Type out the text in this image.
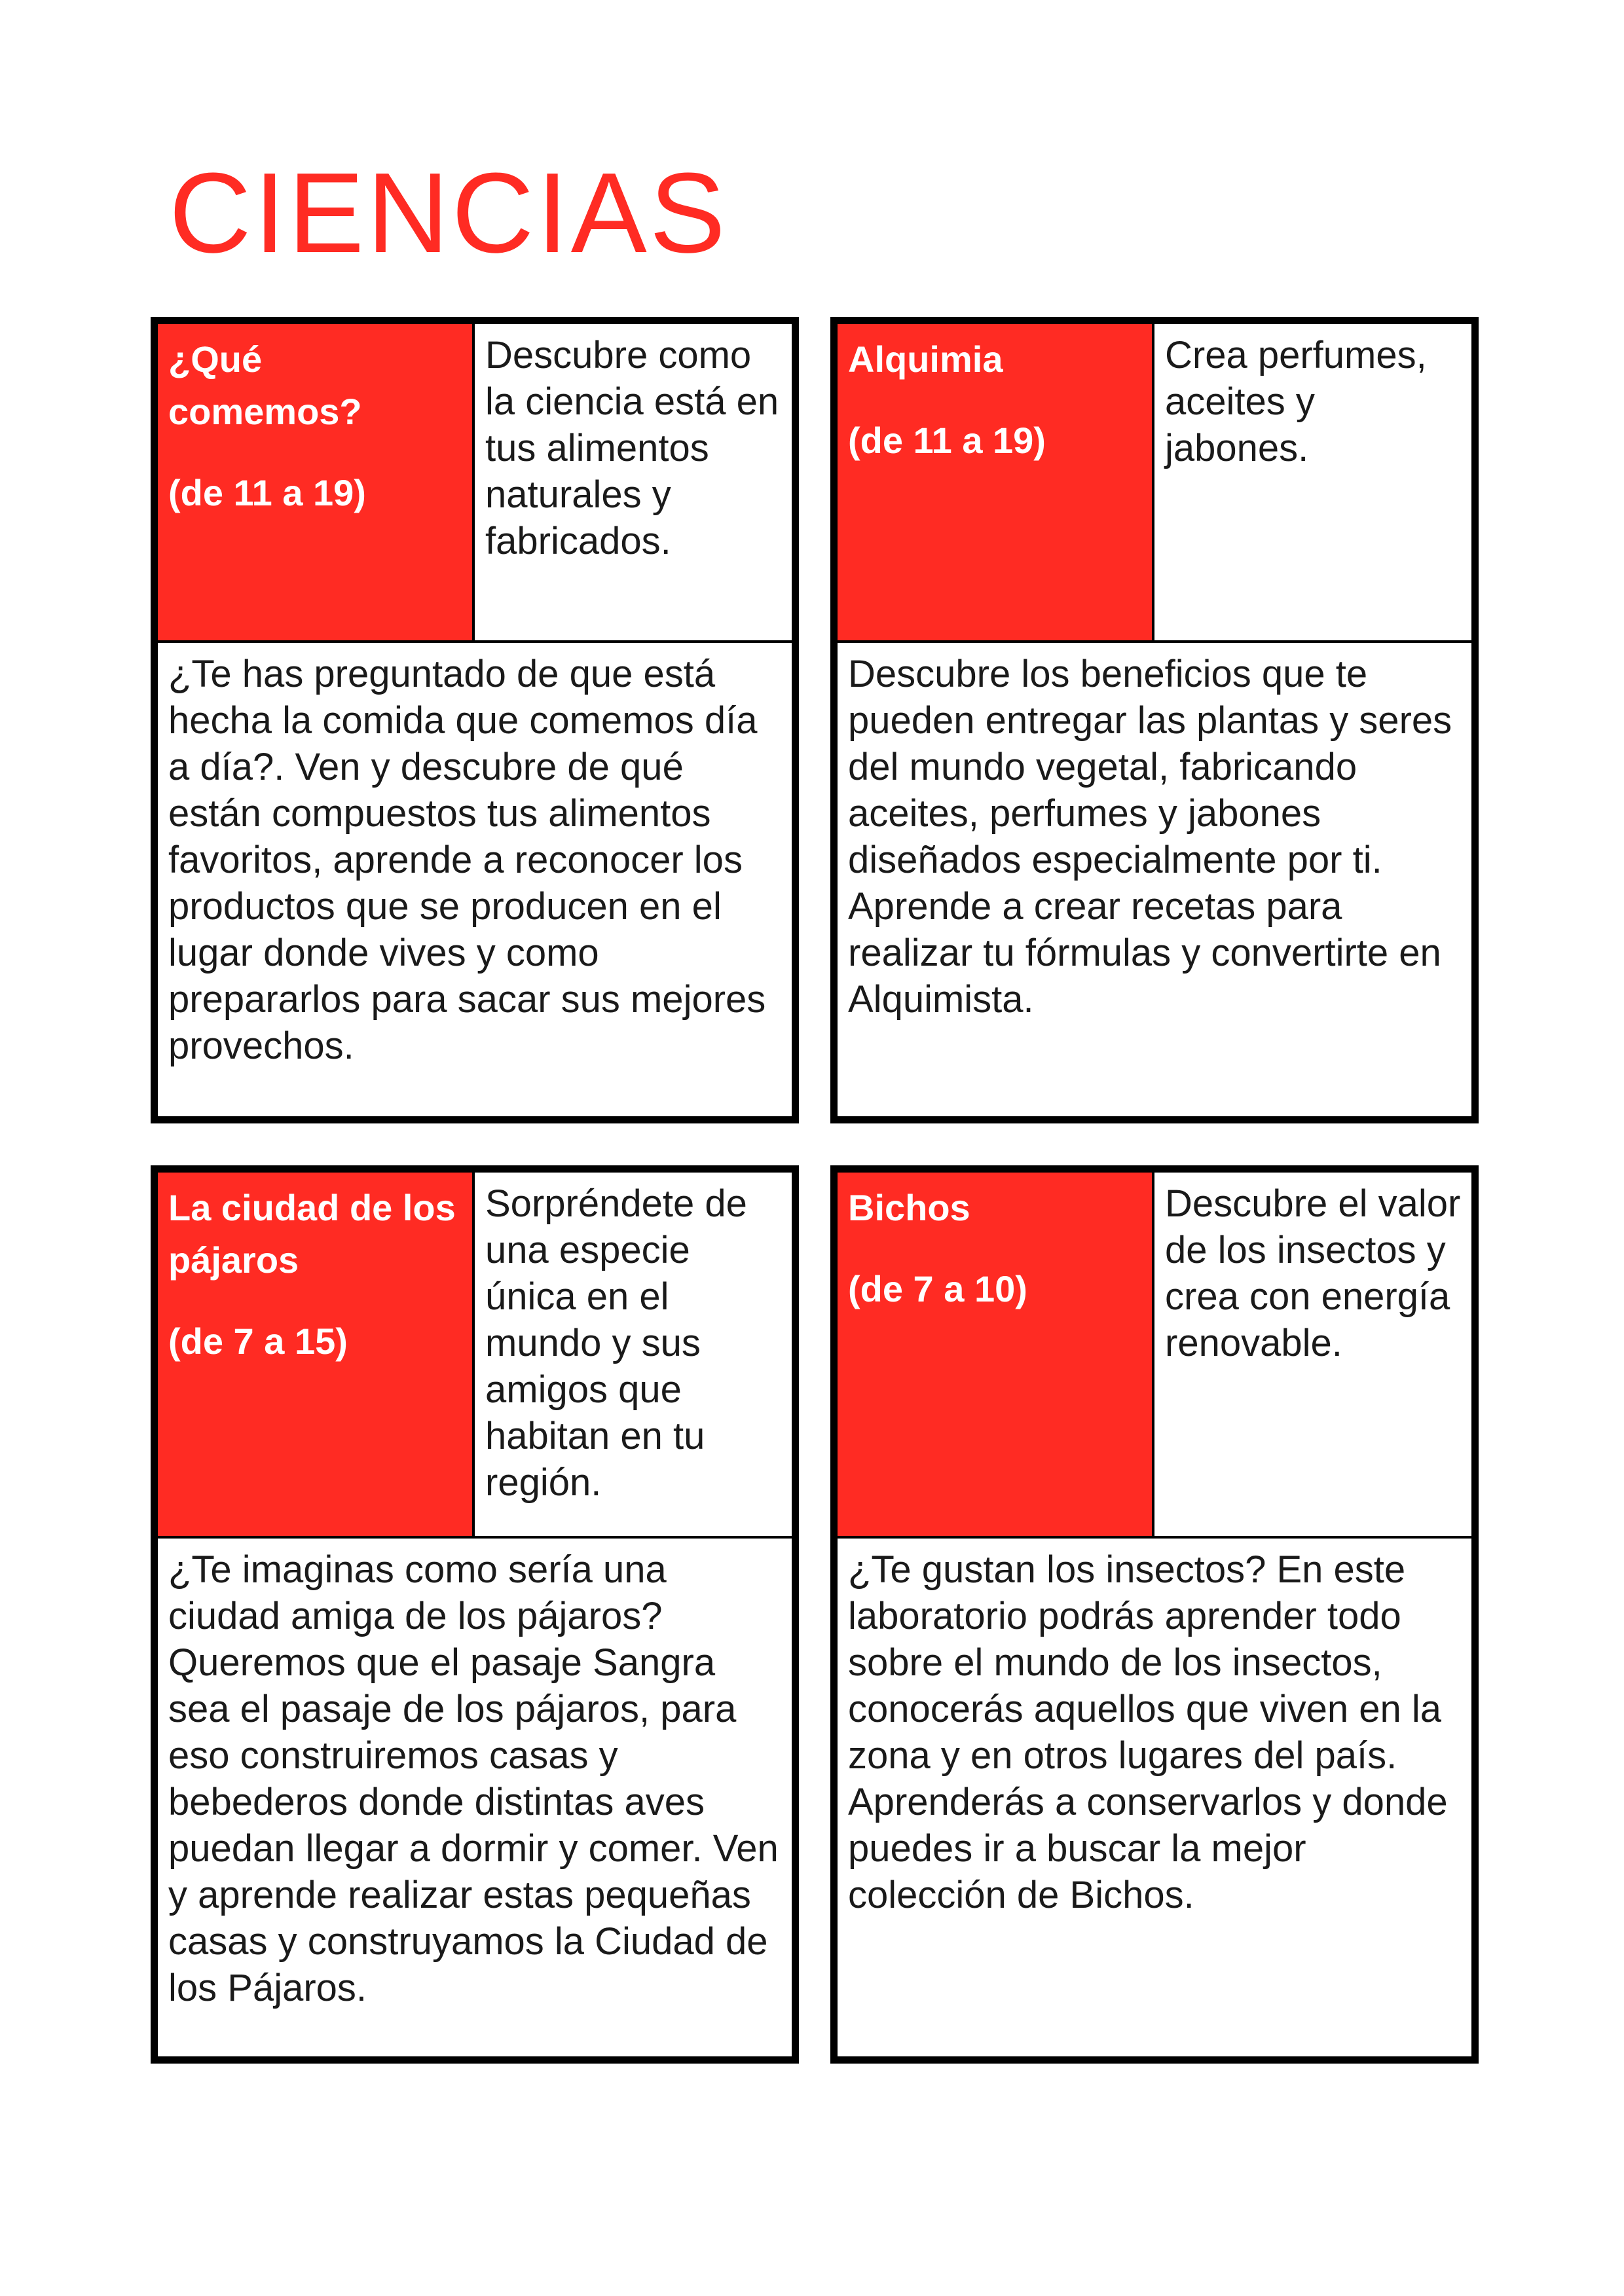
CIENCIAS

¿Qué comemos?

(de 11 a 19)

Descubre como la ciencia está en tus alimentos naturales y fabricados.

¿Te has preguntado de que está hecha la comida que comemos día a día?. Ven y descubre de qué están compuestos tus alimentos favoritos, aprende a reconocer los productos que se producen en el lugar donde vives y como prepararlos para sacar sus mejores provechos.

Alquimia

(de 11 a 19)

Crea perfumes, aceites y jabones.

Descubre los beneficios que te pueden entregar las plantas y seres del mundo vegetal, fabricando aceites, perfumes y jabones diseñados especialmente por ti. Aprende a crear recetas para realizar tu fórmulas y convertirte en Alquimista.

La ciudad de los pájaros

(de 7 a 15)

Sorpréndete de una especie única en el mundo y sus amigos que habitan en tu región.

¿Te imaginas como sería una ciudad amiga de los pájaros? Queremos que el pasaje Sangra sea el pasaje de los pájaros, para eso construiremos casas y bebederos donde distintas aves puedan llegar a dormir y comer. Ven y aprende realizar estas pequeñas casas y construyamos la Ciudad de los Pájaros.

Bichos

(de 7 a 10)

Descubre el valor de los insectos y crea con energía renovable.

¿Te gustan los insectos? En este laboratorio podrás aprender todo sobre el mundo de los insectos, conocerás aquellos que viven en la zona y en otros lugares del país. Aprenderás a conservarlos y donde puedes ir a buscar la mejor colección de Bichos.
